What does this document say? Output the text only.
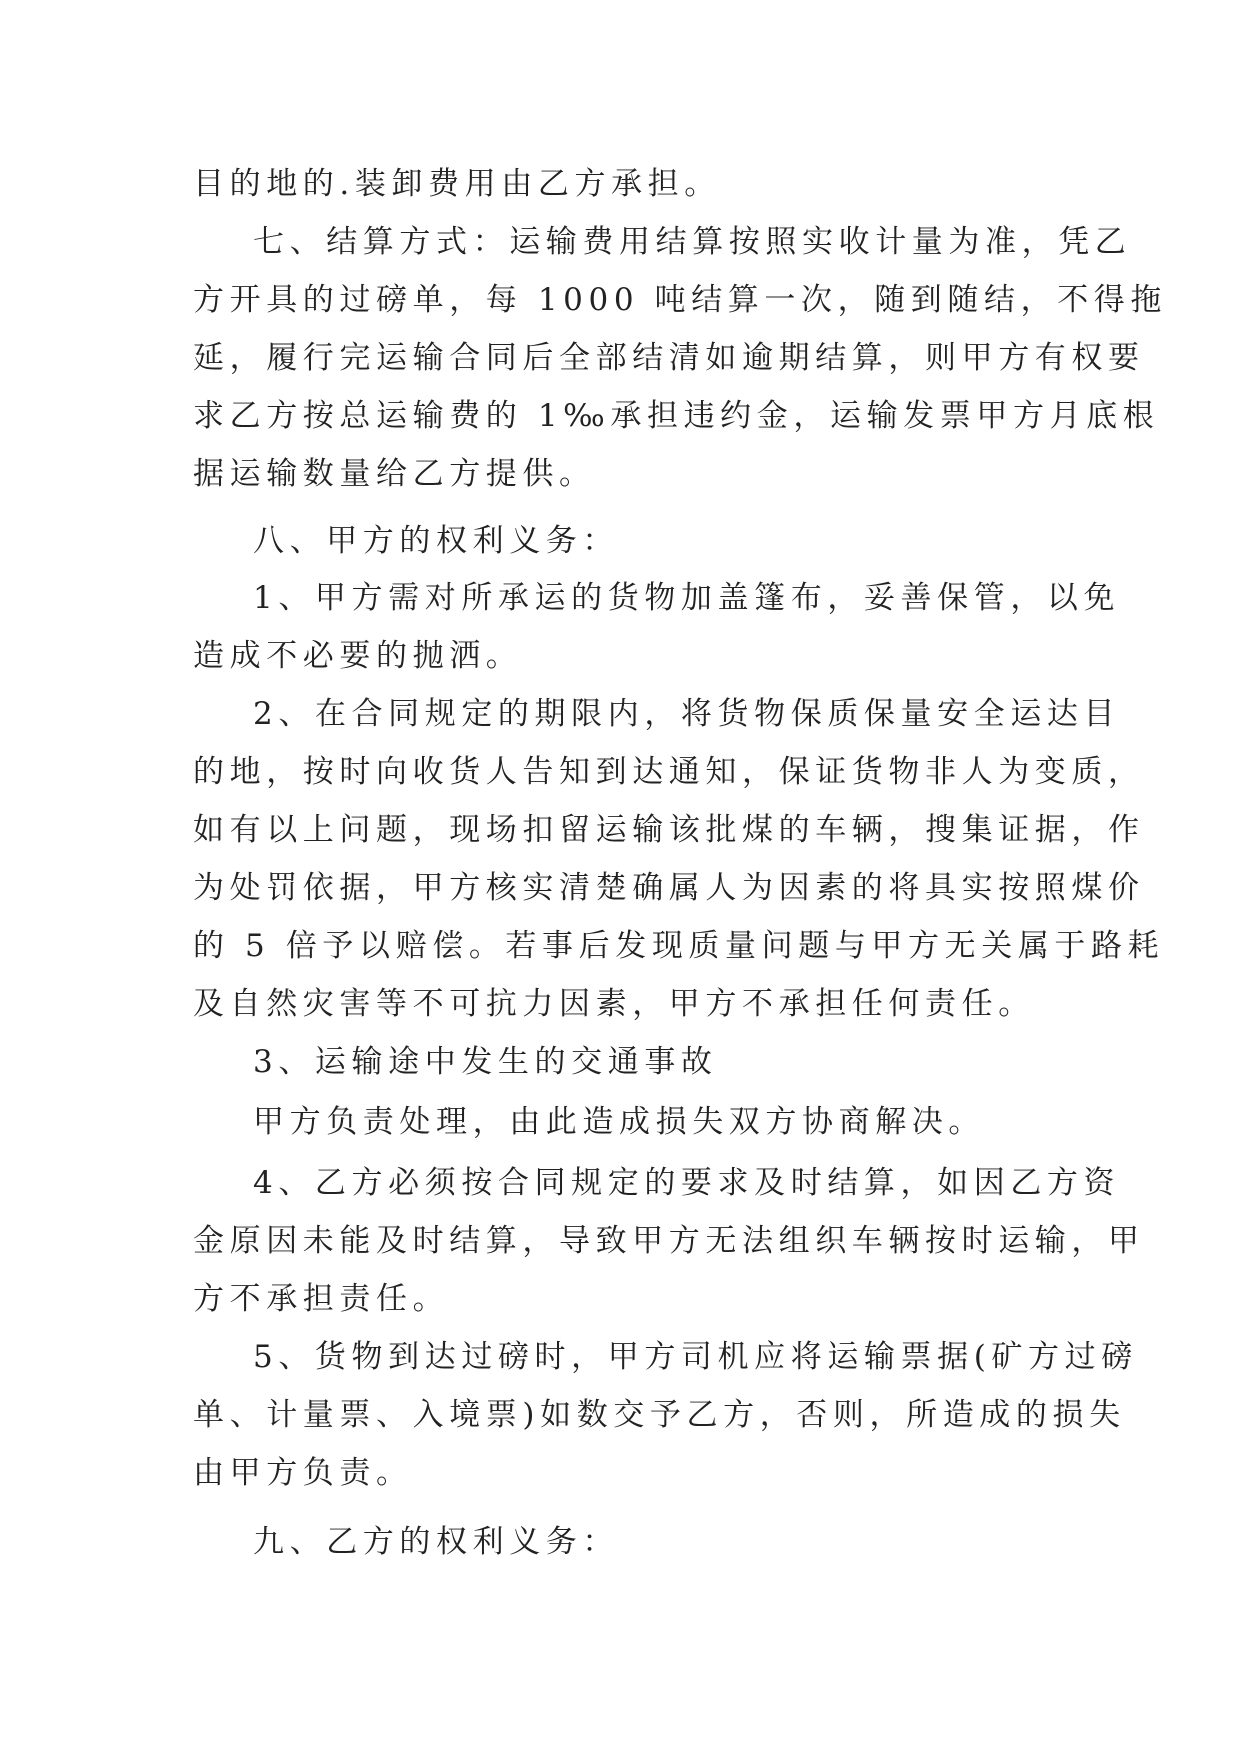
目的地的.装卸费用由乙方承担。
七、结算方式：运输费用结算按照实收计量为准，凭乙
方开具的过磅单，每 1000 吨结算一次，随到随结，不得拖
延，履行完运输合同后全部结清如逾期结算，则甲方有权要
求乙方按总运输费的 1‰承担违约金，运输发票甲方月底根
据运输数量给乙方提供。
八、甲方的权利义务：
1、甲方需对所承运的货物加盖篷布，妥善保管，以免
造成不必要的抛洒。
2、在合同规定的期限内，将货物保质保量安全运达目
的地，按时向收货人告知到达通知，保证货物非人为变质，
如有以上问题，现场扣留运输该批煤的车辆，搜集证据，作
为处罚依据，甲方核实清楚确属人为因素的将具实按照煤价
的 5 倍予以赔偿。若事后发现质量问题与甲方无关属于路耗
及自然灾害等不可抗力因素，甲方不承担任何责任。
3、运输途中发生的交通事故
甲方负责处理，由此造成损失双方协商解决。
4、乙方必须按合同规定的要求及时结算，如因乙方资
金原因未能及时结算，导致甲方无法组织车辆按时运输，甲
方不承担责任。
5、货物到达过磅时，甲方司机应将运输票据(矿方过磅
单、计量票、入境票)如数交予乙方，否则，所造成的损失
由甲方负责。
九、乙方的权利义务：
